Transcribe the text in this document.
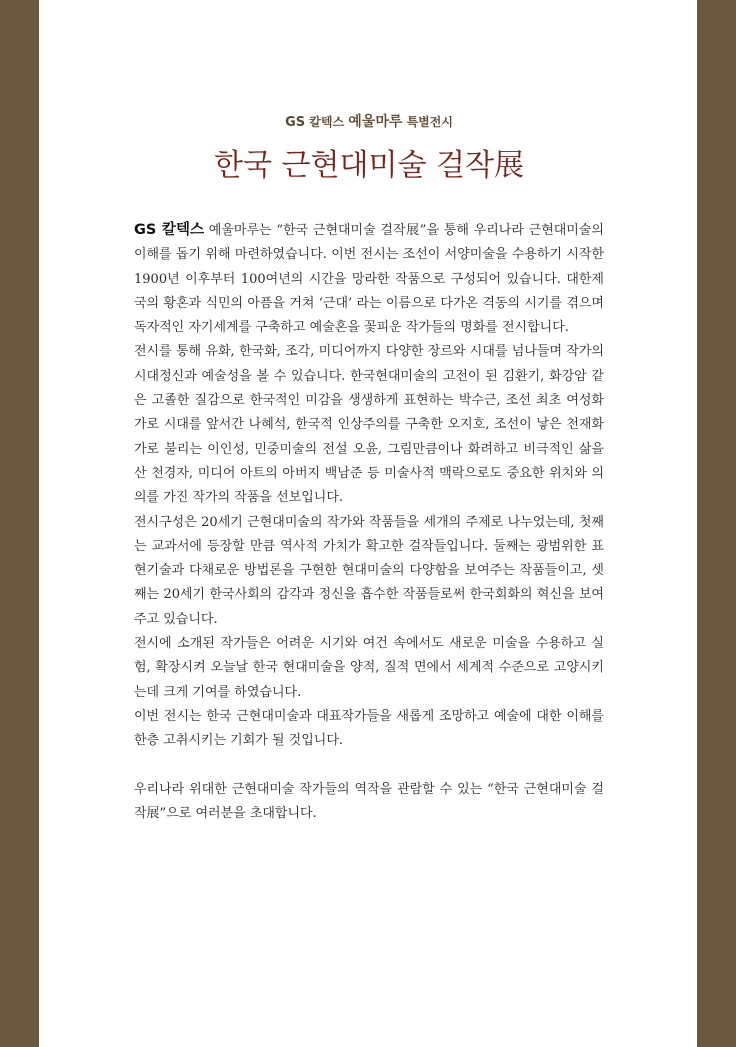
GS 칼텍스 예울마루 특별전시
한국 근현대미술 걸작展
GS 칼텍스 예울마루는 “한국 근현대미술 걸작展”을 통해 우리나라 근현대미술의 이해를 돕기 위해 마련하였습니다. 이번 전시는 조선이 서양미술을 수용하기 시작한 1900년 이후부터 100여년의 시간을 망라한 작품으로 구성되어 있습니다. 대한제국의 황혼과 식민의 아픔을 거쳐 ‘근대’ 라는 이름으로 다가온 격동의 시기를 겪으며 독자적인 자기세계를 구축하고 예술혼을 꽃피운 작가들의 명화를 전시합니다.
전시를 통해 유화, 한국화, 조각, 미디어까지 다양한 장르와 시대를 넘나들며 작가의 시대정신과 예술성을 볼 수 있습니다. 한국현대미술의 고전이 된 김환기, 화강암 같은 고졸한 질감으로 한국적인 미감을 생생하게 표현하는 박수근, 조선 최초 여성화가로 시대를 앞서간 나혜석, 한국적 인상주의를 구축한 오지호, 조선이 낳은 천재화가로 불리는 이인성, 민중미술의 전설 오윤, 그림만큼이나 화려하고 비극적인 삶을 산 천경자, 미디어 아트의 아버지 백남준 등 미술사적 맥락으로도 중요한 위치와 의의를 가진 작가의 작품을 선보입니다.
전시구성은 20세기 근현대미술의 작가와 작품들을 세개의 주제로 나누었는데, 첫째는 교과서에 등장할 만큼 역사적 가치가 확고한 걸작들입니다. 둘째는 광범위한 표현기술과 다채로운 방법론을 구현한 현대미술의 다양함을 보여주는 작품들이고, 셋째는 20세기 한국사회의 감각과 정신을 흡수한 작품들로써 한국회화의 혁신을 보여주고 있습니다.
전시에 소개된 작가들은 어려운 시기와 여건 속에서도 새로운 미술을 수용하고 실험, 확장시켜 오늘날 한국 현대미술을 양적, 질적 면에서 세계적 수준으로 고양시키는데 크게 기여를 하였습니다.
이번 전시는 한국 근현대미술과 대표작가들을 새롭게 조망하고 예술에 대한 이해를 한층 고취시키는 기회가 될 것입니다.
우리나라 위대한 근현대미술 작가들의 역작을 관람할 수 있는 “한국 근현대미술 걸작展”으로 여러분을 초대합니다.
